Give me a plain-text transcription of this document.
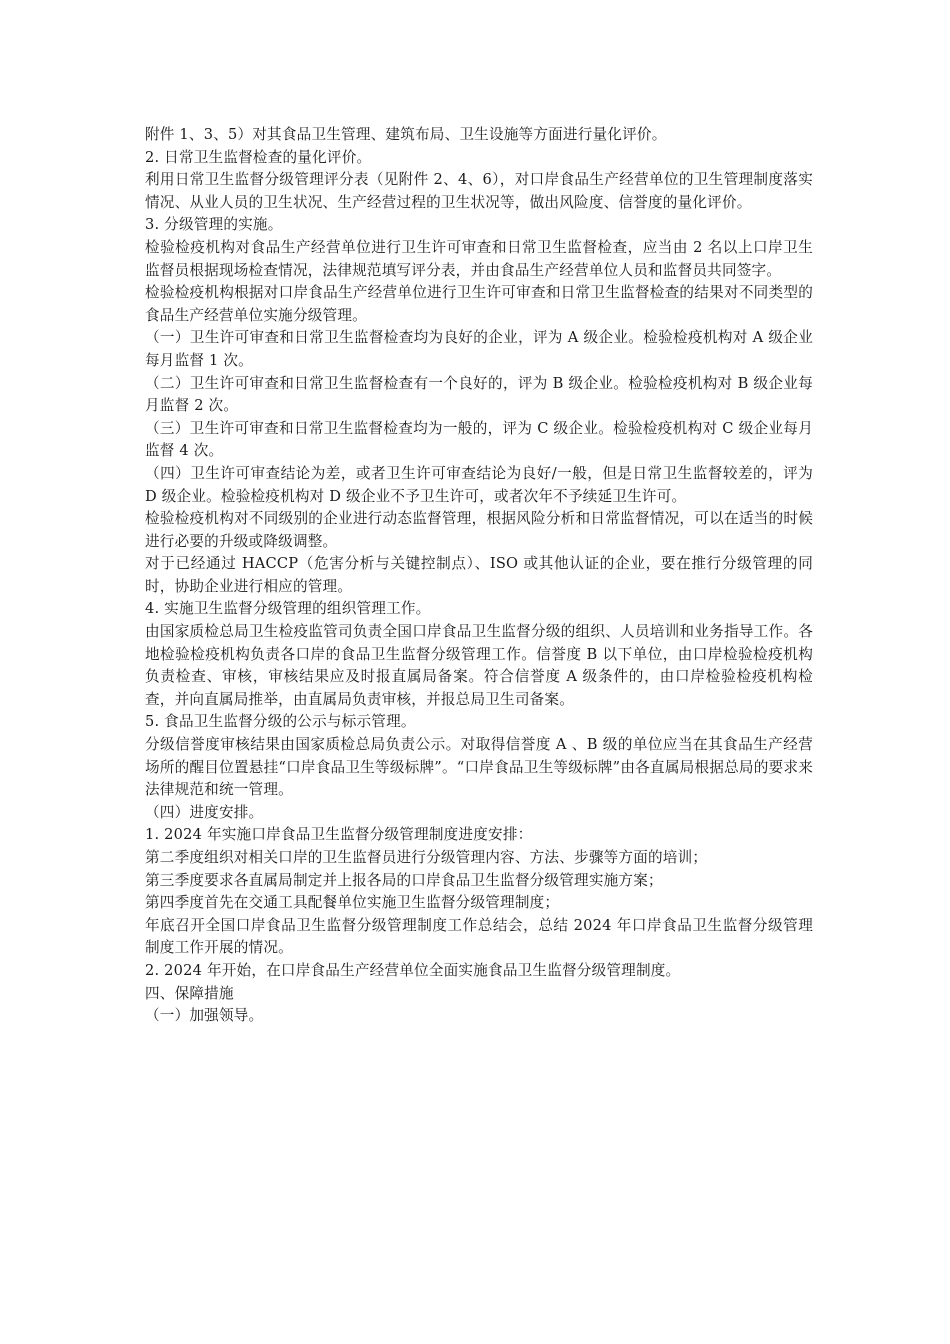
附件 1、3、5）对其食品卫生管理、建筑布局、卫生设施等方面进行量化评价。

2. 日常卫生监督检查的量化评价。

利用日常卫生监督分级管理评分表（见附件 2、4、6），对口岸食品生产经营单位的卫生管理制度落实情况、从业人员的卫生状况、生产经营过程的卫生状况等，做出风险度、信誉度的量化评价。

3. 分级管理的实施。

检验检疫机构对食品生产经营单位进行卫生许可审查和日常卫生监督检查，应当由 2 名以上口岸卫生监督员根据现场检查情况，法律规范填写评分表，并由食品生产经营单位人员和监督员共同签字。

检验检疫机构根据对口岸食品生产经营单位进行卫生许可审查和日常卫生监督检查的结果对不同类型的食品生产经营单位实施分级管理。

（一）卫生许可审查和日常卫生监督检查均为良好的企业，评为 A 级企业。检验检疫机构对 A 级企业每月监督 1 次。

（二）卫生许可审查和日常卫生监督检查有一个良好的，评为 B 级企业。检验检疫机构对 B 级企业每月监督 2 次。

（三）卫生许可审查和日常卫生监督检查均为一般的，评为 C 级企业。检验检疫机构对 C 级企业每月监督 4 次。

（四）卫生许可审查结论为差，或者卫生许可审查结论为良好/一般，但是日常卫生监督较差的，评为 D 级企业。检验检疫机构对 D 级企业不予卫生许可，或者次年不予续延卫生许可。

检验检疫机构对不同级别的企业进行动态监督管理，根据风险分析和日常监督情况，可以在适当的时候进行必要的升级或降级调整。

对于已经通过 HACCP（危害分析与关键控制点）、ISO 或其他认证的企业，要在推行分级管理的同时，协助企业进行相应的管理。

4. 实施卫生监督分级管理的组织管理工作。

由国家质检总局卫生检疫监管司负责全国口岸食品卫生监督分级的组织、人员培训和业务指导工作。各地检验检疫机构负责各口岸的食品卫生监督分级管理工作。信誉度 B 以下单位，由口岸检验检疫机构负责检查、审核，审核结果应及时报直属局备案。符合信誉度 A 级条件的，由口岸检验检疫机构检查，并向直属局推举，由直属局负责审核，并报总局卫生司备案。

5. 食品卫生监督分级的公示与标示管理。

分级信誉度审核结果由国家质检总局负责公示。对取得信誉度 A 、B 级的单位应当在其食品生产经营场所的醒目位置悬挂“口岸食品卫生等级标牌”。“口岸食品卫生等级标牌”由各直属局根据总局的要求来法律规范和统一管理。

（四）进度安排。

1. 2024 年实施口岸食品卫生监督分级管理制度进度安排：

第二季度组织对相关口岸的卫生监督员进行分级管理内容、方法、步骤等方面的培训；

第三季度要求各直属局制定并上报各局的口岸食品卫生监督分级管理实施方案；

第四季度首先在交通工具配餐单位实施卫生监督分级管理制度；

年底召开全国口岸食品卫生监督分级管理制度工作总结会，总结 2024 年口岸食品卫生监督分级管理制度工作开展的情况。

2. 2024 年开始，在口岸食品生产经营单位全面实施食品卫生监督分级管理制度。

四、保障措施

（一）加强领导。
